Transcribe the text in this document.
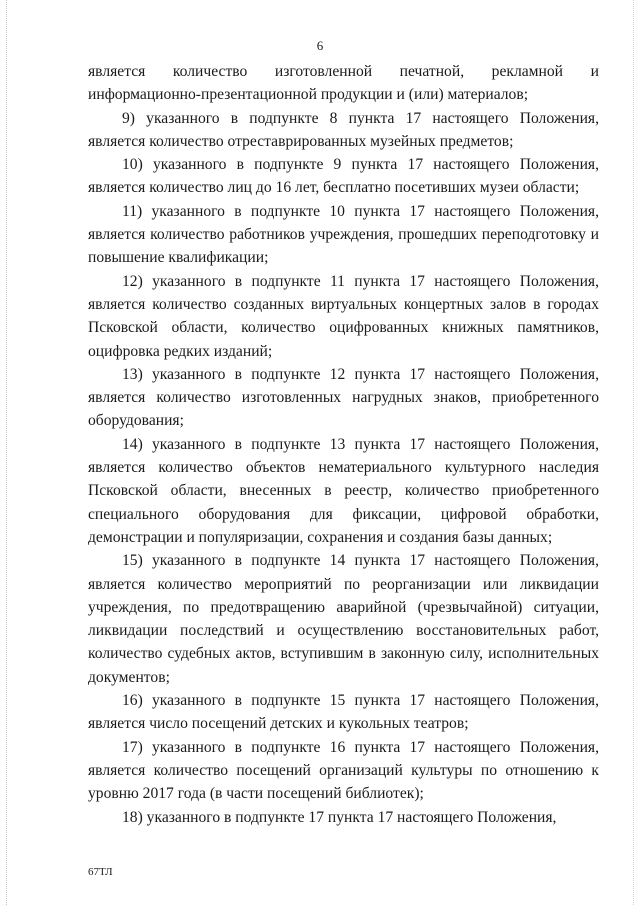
6
является количество изготовленной печатной, рекламной и

информационно-презентационной продукции и (или) материалов;

9) указанного в подпункте 8 пункта 17 настоящего Положения, является количество отреставрированных музейных предметов;

10) указанного в подпункте 9 пункта 17 настоящего Положения, является количество лиц до 16 лет, бесплатно посетивших музеи области;

11) указанного в подпункте 10 пункта 17 настоящего Положения, является количество работников учреждения, прошедших переподготовку и повышение квалификации;

12) указанного в подпункте 11 пункта 17 настоящего Положения, является количество созданных виртуальных концертных залов в городах Псковской области, количество оцифрованных книжных памятников, оцифровка редких изданий;

13) указанного в подпункте 12 пункта 17 настоящего Положения, является количество изготовленных нагрудных знаков, приобретенного оборудования;

14) указанного в подпункте 13 пункта 17 настоящего Положения, является количество объектов нематериального культурного наследия Псковской области, внесенных в реестр, количество приобретенного специального оборудования для фиксации, цифровой обработки, демонстрации и популяризации, сохранения и создания базы данных;

15) указанного в подпункте 14 пункта 17 настоящего Положения, является количество мероприятий по реорганизации или ликвидации учреждения, по предотвращению аварийной (чрезвычайной) ситуации, ликвидации последствий и осуществлению восстановительных работ, количество судебных актов, вступившим в законную силу, исполнительных документов;

16) указанного в подпункте 15 пункта 17 настоящего Положения, является число посещений детских и кукольных театров;

17) указанного в подпункте 16 пункта 17 настоящего Положения, является количество посещений организаций культуры по отношению к уровню 2017 года (в части посещений библиотек);

18) указанного в подпункте 17 пункта 17 настоящего Положения,

67ТЛ
